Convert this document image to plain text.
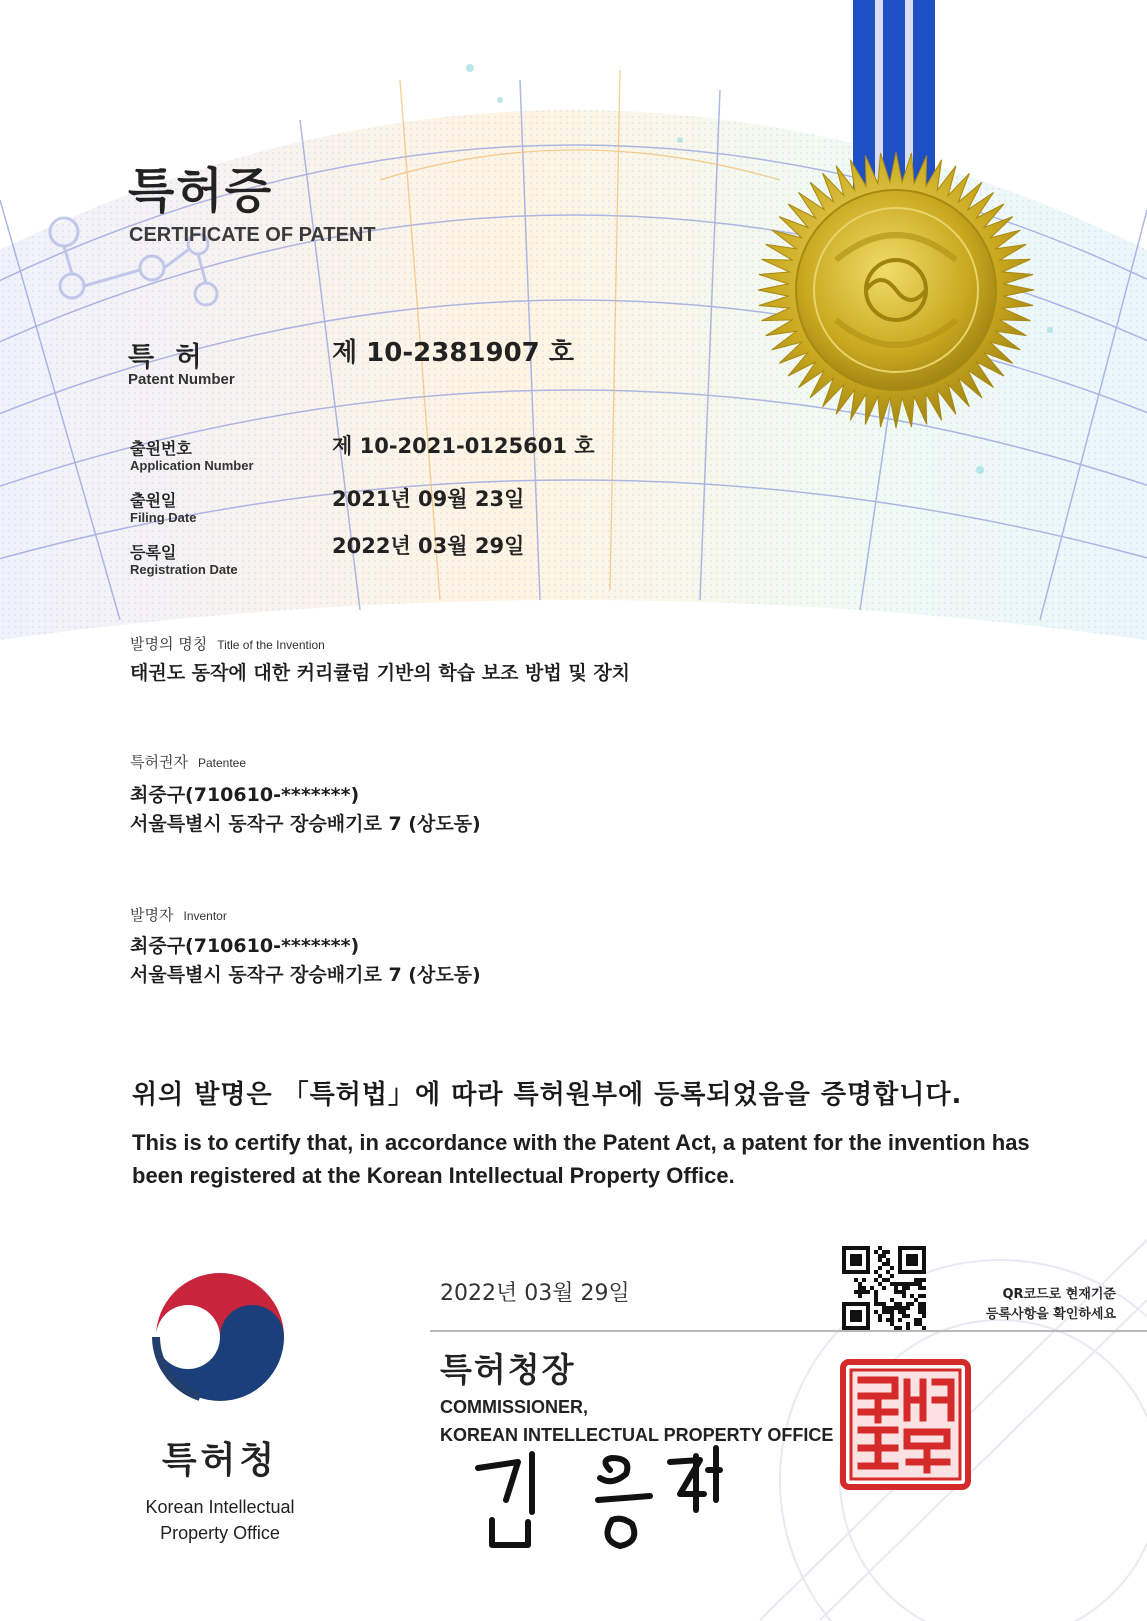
특허증
CERTIFICATE OF PATENT
특 허
Patent Number
제 10-2381907 호
출원번호
Application Number
제 10-2021-0125601 호
출원일
Filing Date
2021년 09월 23일
등록일
Registration Date
2022년 03월 29일
발명의 명칭 Title of the Invention
태권도 동작에 대한 커리큘럼 기반의 학습 보조 방법 및 장치
특허권자 Patentee
최중구(710610-*******)
서울특별시 동작구 장승배기로 7 (상도동)
발명자 Inventor
최중구(710610-*******)
서울특별시 동작구 장승배기로 7 (상도동)
위의 발명은 「특허법」에 따라 특허원부에 등록되었음을 증명합니다.
This is to certify that, in accordance with the Patent Act, a patent for the invention has been registered at the Korean Intellectual Property Office.
2022년 03월 29일
특허청장
COMMISSIONER,
KOREAN INTELLECTUAL PROPERTY OFFICE
특허청
Korean Intellectual
Property Office
QR코드로 현재기준
등록사항을 확인하세요
